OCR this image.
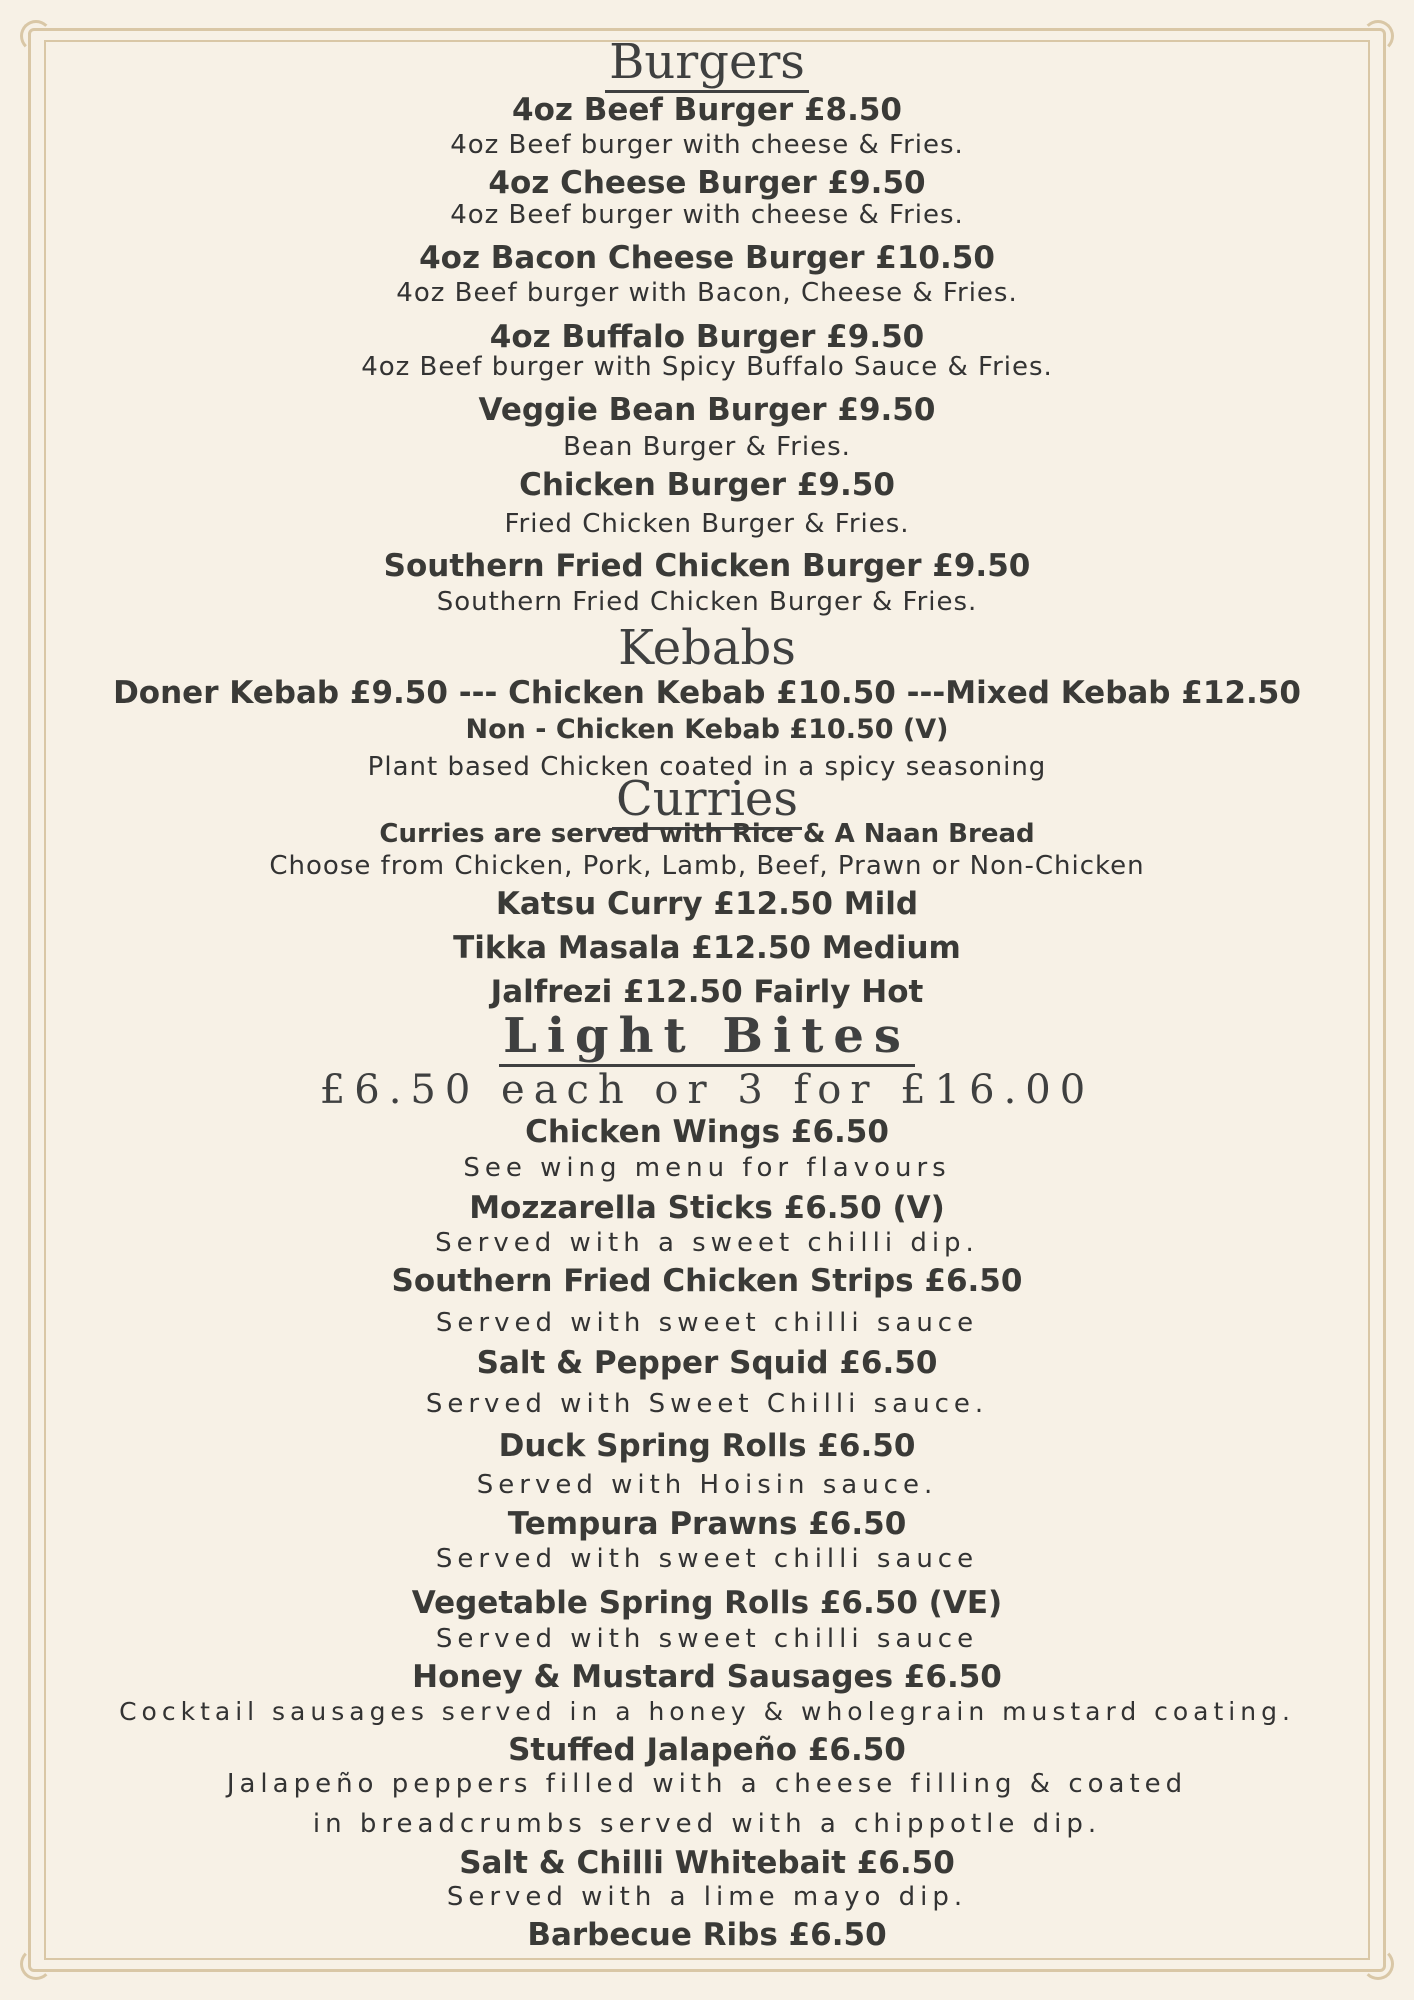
Burgers
4oz Beef Burger £8.50
4oz Beef burger with cheese & Fries.
4oz Cheese Burger £9.50
4oz Beef burger with cheese & Fries.
4oz Bacon Cheese Burger £10.50
4oz Beef burger with Bacon, Cheese & Fries.
4oz Buffalo Burger £9.50
4oz Beef burger with Spicy Buffalo Sauce & Fries.
Veggie Bean Burger £9.50
Bean Burger & Fries.
Chicken Burger £9.50
Fried Chicken Burger & Fries.
Southern Fried Chicken Burger £9.50
Southern Fried Chicken Burger & Fries.
Kebabs
Doner Kebab £9.50 --- Chicken Kebab £10.50 ---Mixed Kebab £12.50
Non - Chicken Kebab £10.50 (V)
Plant based Chicken coated in a spicy seasoning
Curries
Curries are served with Rice & A Naan Bread
Choose from Chicken, Pork, Lamb, Beef, Prawn or Non-Chicken
Katsu Curry £12.50 Mild
Tikka Masala £12.50 Medium
Jalfrezi £12.50 Fairly Hot
Light Bites
£6.50 each or 3 for £16.00
Chicken Wings £6.50
See wing menu for flavours
Mozzarella Sticks £6.50 (V)
Served with a sweet chilli dip.
Southern Fried Chicken Strips £6.50
Served with sweet chilli sauce
Salt & Pepper Squid £6.50
Served with Sweet Chilli sauce.
Duck Spring Rolls £6.50
Served with Hoisin sauce.
Tempura Prawns £6.50
Served with sweet chilli sauce
Vegetable Spring Rolls £6.50 (VE)
Served with sweet chilli sauce
Honey & Mustard Sausages £6.50
Cocktail sausages served in a honey & wholegrain mustard coating.
Stuffed Jalapeño £6.50
Jalapeño peppers filled with a cheese filling & coated
in breadcrumbs served with a chippotle dip.
Salt & Chilli Whitebait £6.50
Served with a lime mayo dip.
Barbecue Ribs £6.50
